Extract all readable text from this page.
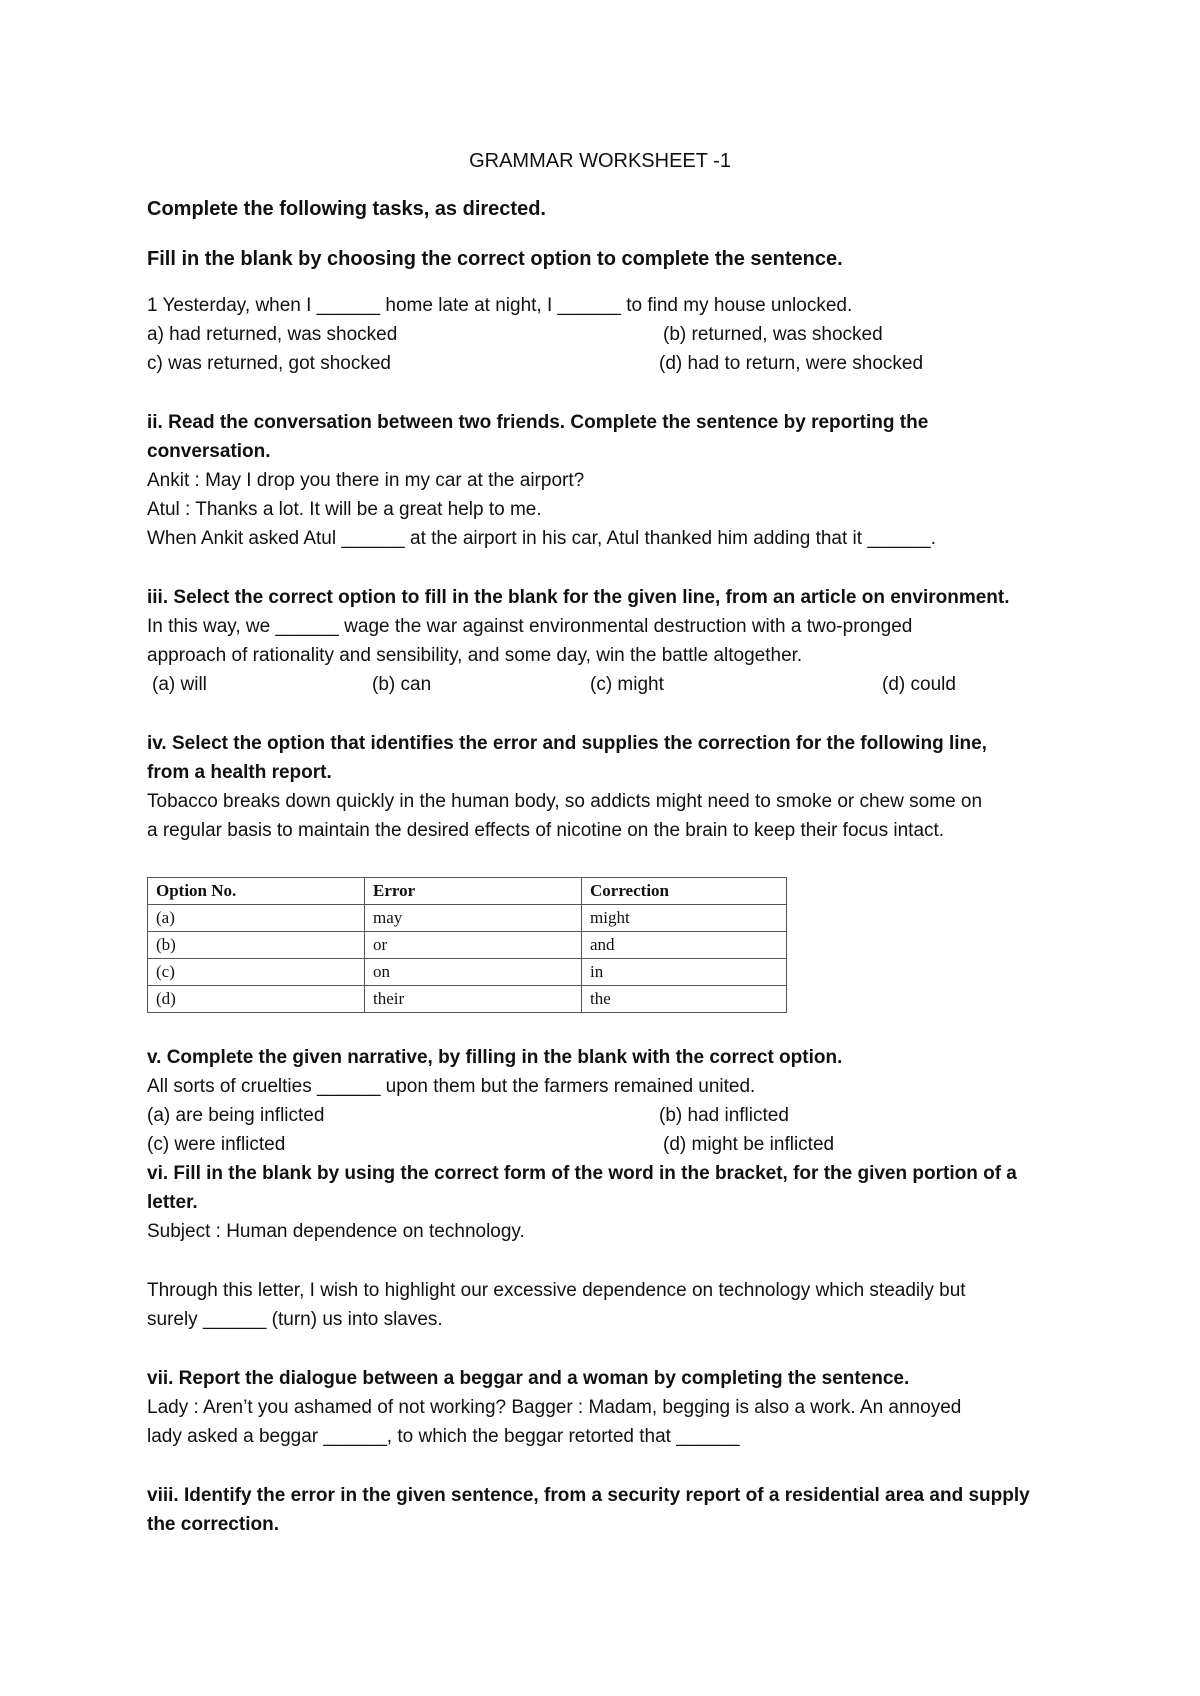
GRAMMAR WORKSHEET -1
Complete the following tasks, as directed.
Fill in the blank by choosing the correct option to complete the sentence.
1 Yesterday, when I ______ home late at night, I ______ to find my house unlocked.
a) had returned, was shocked	(b) returned, was shocked
c) was returned, got shocked	(d) had to return, were shocked
ii. Read the conversation between two friends. Complete the sentence by reporting the
conversation.
Ankit : May I drop you there in my car at the airport?
Atul : Thanks a lot. It will be a great help to me.
When Ankit asked Atul ______ at the airport in his car, Atul thanked him adding that it ______.
iii. Select the correct option to fill in the blank for the given line, from an article on environment.
In this way, we ______ wage the war against environmental destruction with a two-pronged
approach of rationality and sensibility, and some day, win the battle altogether.
(a) will	(b) can	(c) might	(d) could
iv. Select the option that identifies the error and supplies the correction for the following line,
from a health report.
Tobacco breaks down quickly in the human body, so addicts might need to smoke or chew some on
a regular basis to maintain the desired effects of nicotine on the brain to keep their focus intact.
Option No.	Error	Correction
(a)	may	might
(b)	or	and
(c)	on	in
(d)	their	the
v. Complete the given narrative, by filling in the blank with the correct option.
All sorts of cruelties ______ upon them but the farmers remained united.
(a) are being inflicted	(b) had inflicted
(c) were inflicted	(d) might be inflicted
vi. Fill in the blank by using the correct form of the word in the bracket, for the given portion of a
letter.
Subject : Human dependence on technology.
Through this letter, I wish to highlight our excessive dependence on technology which steadily but
surely ______ (turn) us into slaves.
vii. Report the dialogue between a beggar and a woman by completing the sentence.
Lady : Aren’t you ashamed of not working? Bagger : Madam, begging is also a work. An annoyed
lady asked a beggar ______, to which the beggar retorted that ______
viii. Identify the error in the given sentence, from a security report of a residential area and supply
the correction.
